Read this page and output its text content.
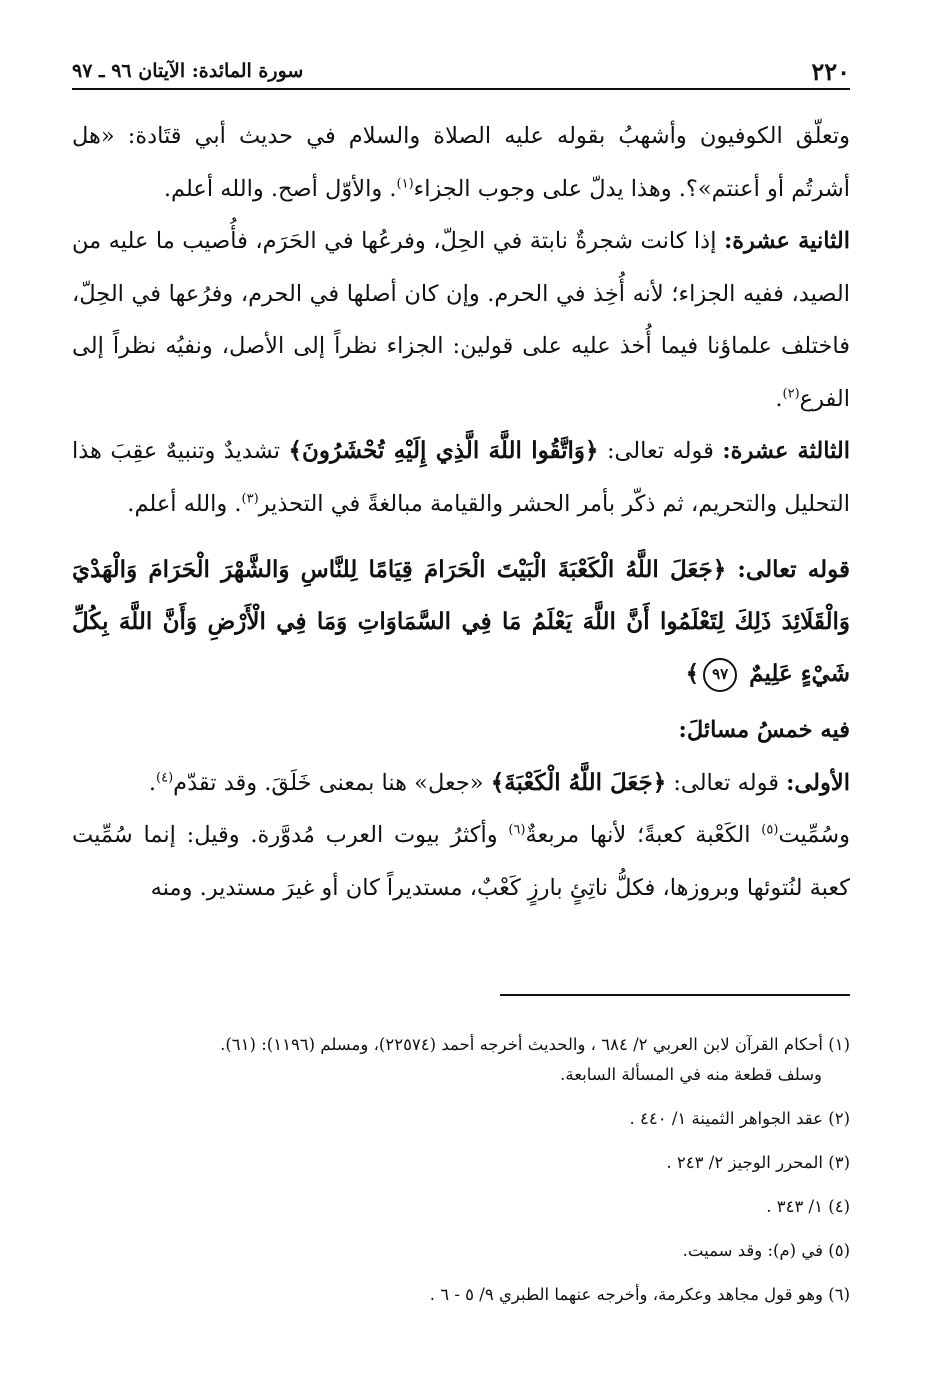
٢٢٠
سورة المائدة: الآيتان ٩٦ ـ ٩٧

وتعلّق الكوفيون وأشهبُ بقوله عليه الصلاة والسلام في حديث أبي قتَادة: «هل أشرتُم أو أعنتم»؟. وهذا يدلّ على وجوب الجزاء$^{(١)}$. والأوّل أصح. والله أعلم.

الثانية عشرة: إذا كانت شجرةٌ نابتة في الحِلّ، وفرعُها في الحَرَم، فأُصيب ما عليه من الصيد، ففيه الجزاء؛ لأنه أُخِذ في الحرم. وإن كان أصلها في الحرم، وفرُعها في الحِلّ، فاختلف علماؤنا فيما أُخذ عليه على قولين: الجزاء نظراً إلى الأصل، ونفيُه نظراً إلى الفرع$^{(٢)}$.

الثالثة عشرة: قوله تعالى: ﴿وَاتَّقُوا اللَّهَ الَّذِي إِلَيْهِ تُحْشَرُونَ﴾ تشديدٌ وتنبيهٌ عقِبَ هذا التحليل والتحريم، ثم ذكّر بأمر الحشر والقيامة مبالغةً في التحذير$^{(٣)}$. والله أعلم.

قوله تعالى: ﴿جَعَلَ اللَّهُ الْكَعْبَةَ الْبَيْتَ الْحَرَامَ قِيَامًا لِلنَّاسِ وَالشَّهْرَ الْحَرَامَ وَالْهَدْيَ وَالْقَلَائِدَ ذَلِكَ لِتَعْلَمُوا أَنَّ اللَّهَ يَعْلَمُ مَا فِي السَّمَاوَاتِ وَمَا فِي الْأَرْضِ وَأَنَّ اللَّهَ بِكُلِّ شَيْءٍ عَلِيمٌ ٩٧﴾

فيه خمسُ مسائلَ:

الأولى: قوله تعالى: ﴿جَعَلَ اللَّهُ الْكَعْبَةَ﴾ «جعل» هنا بمعنى خَلَقَ. وقد تقدّم$^{(٤)}$.

وسُمِّيت$^{(٥)}$ الكَعْبة كعبةً؛ لأنها مربعةٌ$^{(٦)}$ وأكثرُ بيوت العرب مُدوَّرة. وقيل: إنما سُمِّيت كعبة لنُتوئها وبروزها، فكلُّ ناتِئٍ بارزٍ كَعْبٌ، مستديراً كان أو غيرَ مستدير. ومنه

(١) أحكام القرآن لابن العربي ٢/ ٦٨٤ ، والحديث أخرجه أحمد (٢٢٥٧٤)، ومسلم (١١٩٦): (٦١).
وسلف قطعة منه في المسألة السابعة.

(٢) عقد الجواهر الثمينة ١/ ٤٤٠ .

(٣) المحرر الوجيز ٢/ ٢٤٣ .

(٤) ١/ ٣٤٣ .

(٥) في (م): وقد سميت.

(٦) وهو قول مجاهد وعكرمة، وأخرجه عنهما الطبري ٩/ ٥ - ٦ .
